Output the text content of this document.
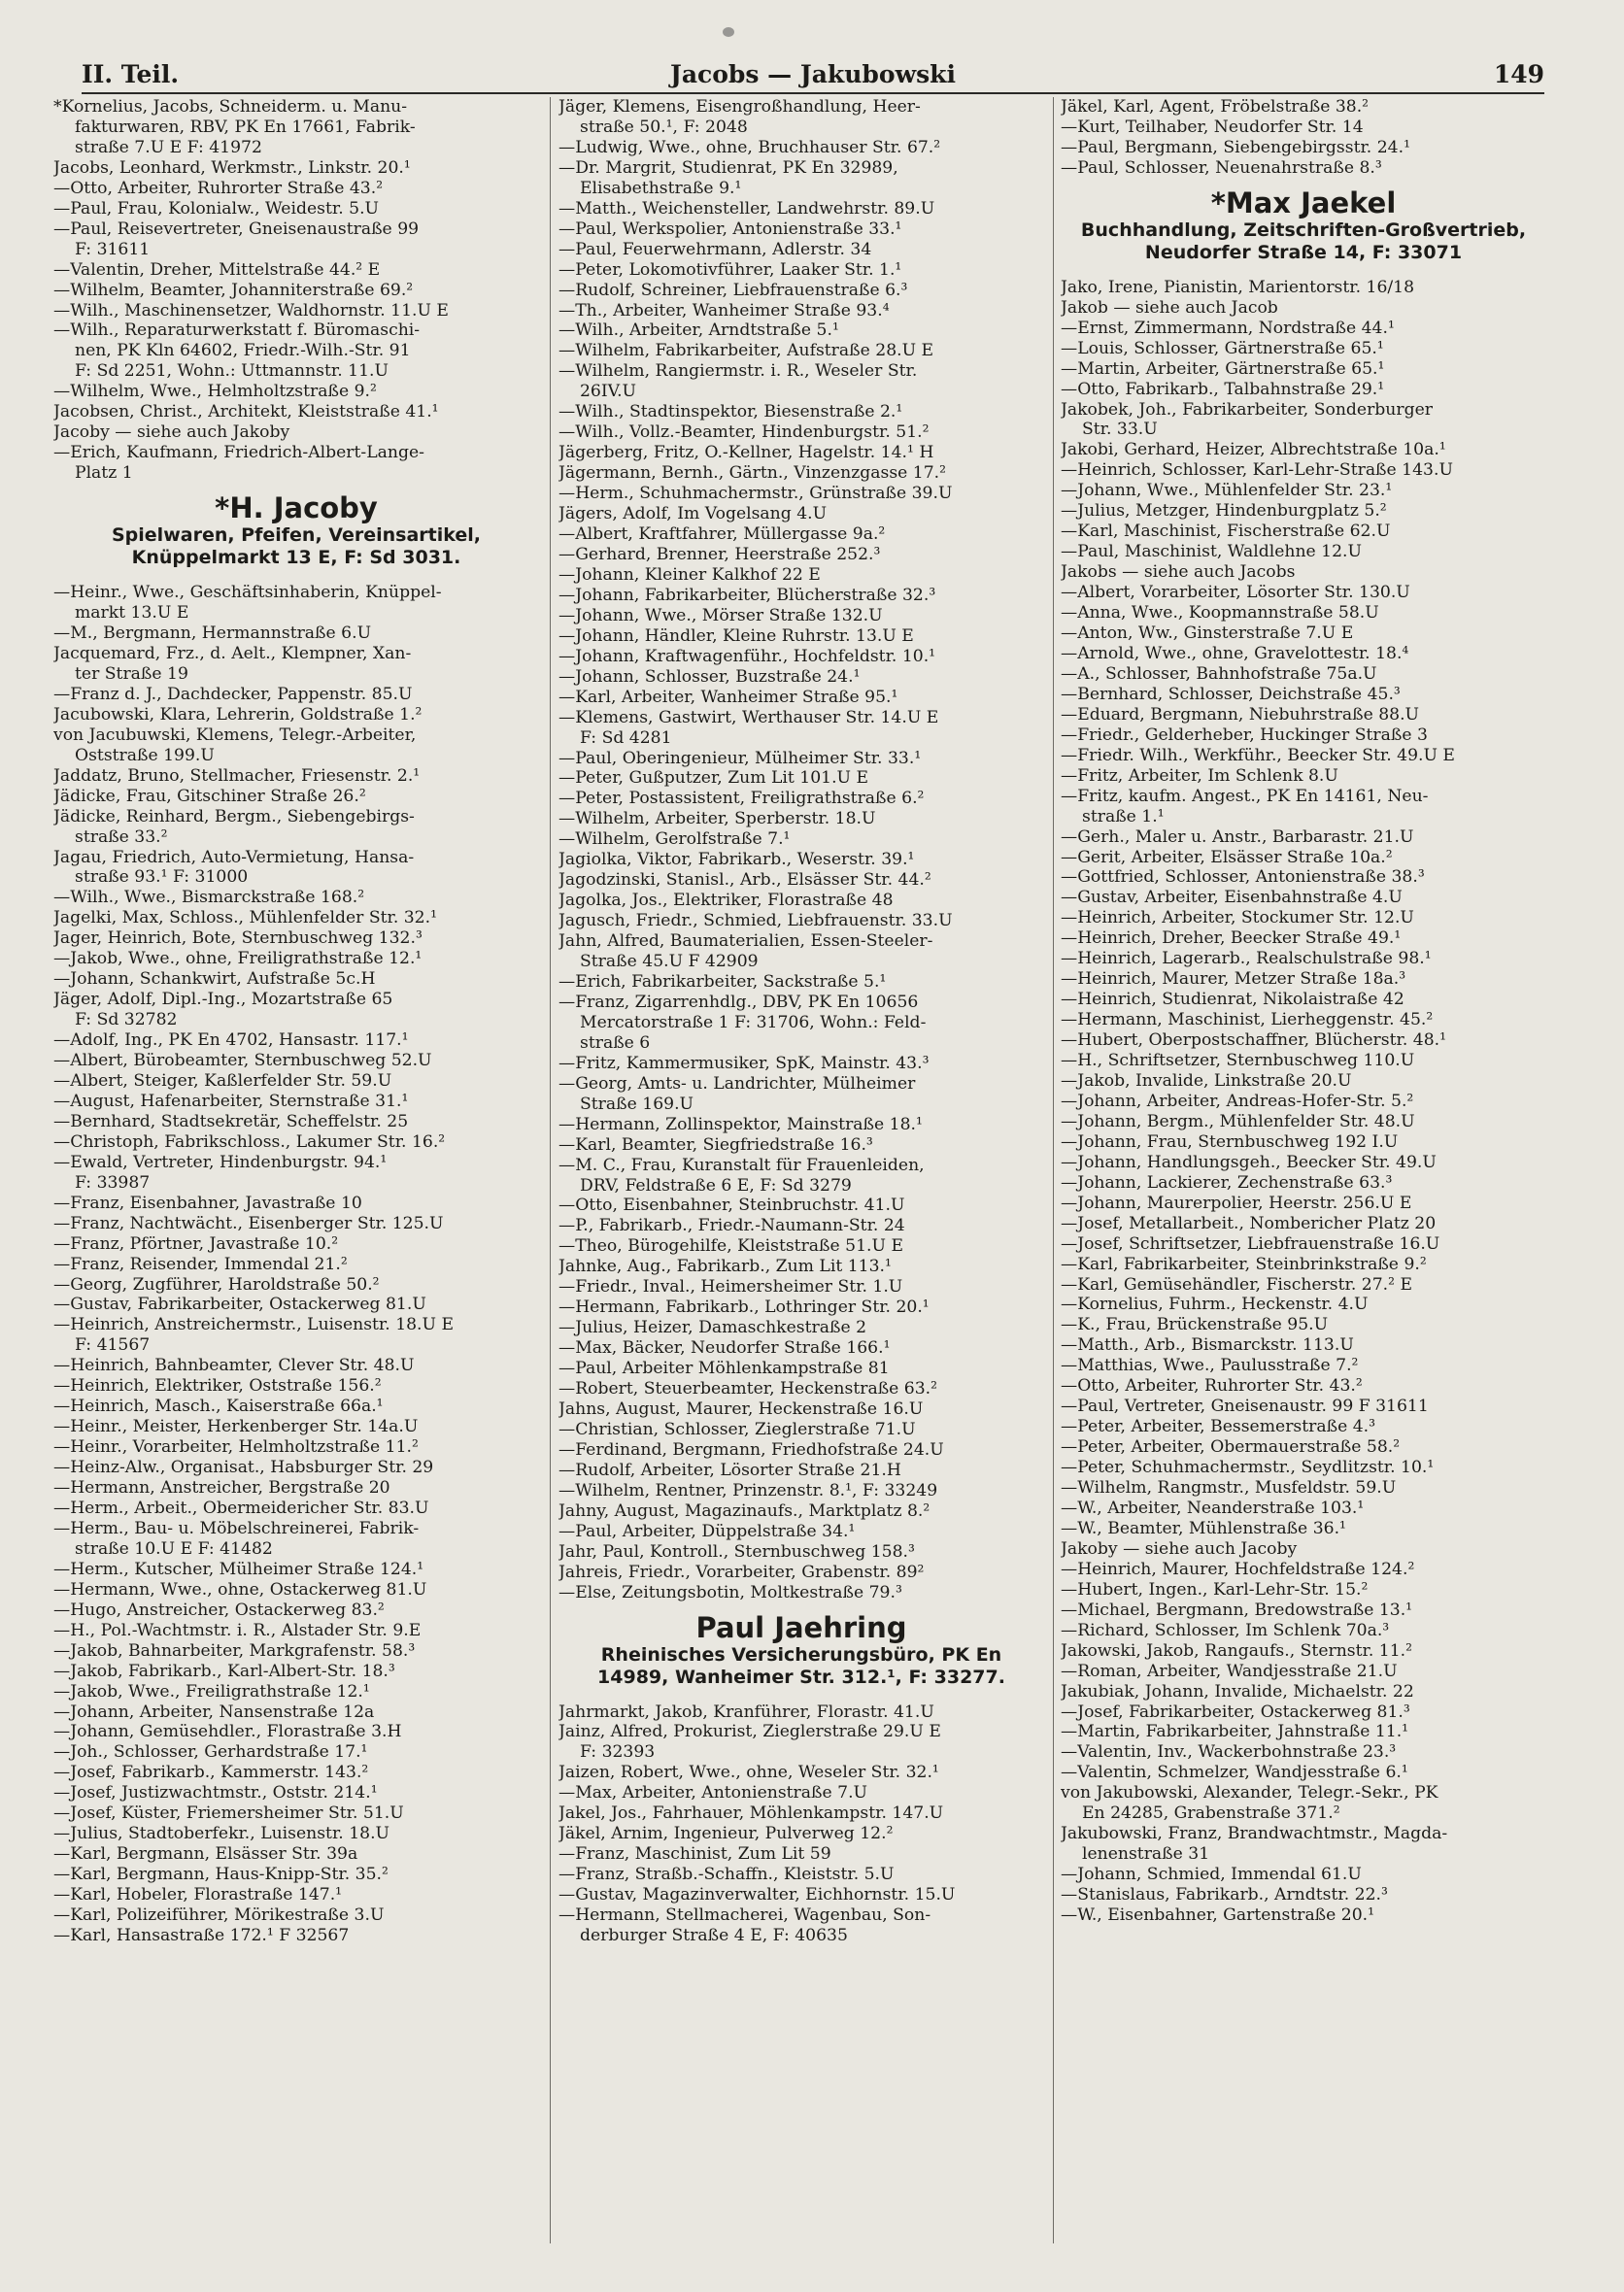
II. Teil.	Jacobs — Jakubowski	149
*Kornelius, Jacobs, Schneiderm. u. Manu-
fakturwaren, RBV, PK En 17661, Fabrik-
straße 7.U E F: 41972
Jacobs, Leonhard, Werkmstr., Linkstr. 20.¹
—Otto, Arbeiter, Ruhrorter Straße 43.²
—Paul, Frau, Kolonialw., Weidestr. 5.U
—Paul, Reisevertreter, Gneisenaustraße 99
F: 31611
—Valentin, Dreher, Mittelstraße 44.² E
—Wilhelm, Beamter, Johanniterstraße 69.²
—Wilh., Maschinensetzer, Waldhornstr. 11.U E
—Wilh., Reparaturwerkstatt f. Büromaschi-
nen, PK Kln 64602, Friedr.-Wilh.-Str. 91
F: Sd 2251, Wohn.: Uttmannstr. 11.U
—Wilhelm, Wwe., Helmholtzstraße 9.²
Jacobsen, Christ., Architekt, Kleiststraße 41.¹
Jacoby — siehe auch Jakoby
—Erich, Kaufmann, Friedrich-Albert-Lange-
Platz 1
*H. Jacoby
Spielwaren, Pfeifen, Vereinsartikel,
Knüppelmarkt 13 E, F: Sd 3031.
—Heinr., Wwe., Geschäftsinhaberin, Knüppel-
markt 13.U E
—M., Bergmann, Hermannstraße 6.U
Jacquemard, Frz., d. Aelt., Klempner, Xan-
ter Straße 19
—Franz d. J., Dachdecker, Pappenstr. 85.U
Jacubowski, Klara, Lehrerin, Goldstraße 1.²
von Jacubuwski, Klemens, Telegr.-Arbeiter,
Oststraße 199.U
Jaddatz, Bruno, Stellmacher, Friesenstr. 2.¹
Jädicke, Frau, Gitschiner Straße 26.²
Jädicke, Reinhard, Bergm., Siebengebirgs-
straße 33.²
Jagau, Friedrich, Auto-Vermietung, Hansa-
straße 93.¹ F: 31000
—Wilh., Wwe., Bismarckstraße 168.²
Jagelki, Max, Schloss., Mühlenfelder Str. 32.¹
Jager, Heinrich, Bote, Sternbuschweg 132.³
—Jakob, Wwe., ohne, Freiligrathstraße 12.¹
—Johann, Schankwirt, Aufstraße 5c.H
Jäger, Adolf, Dipl.-Ing., Mozartstraße 65
F: Sd 32782
—Adolf, Ing., PK En 4702, Hansastr. 117.¹
—Albert, Bürobeamter, Sternbuschweg 52.U
—Albert, Steiger, Kaßlerfelder Str. 59.U
—August, Hafenarbeiter, Sternstraße 31.¹
—Bernhard, Stadtsekretär, Scheffelstr. 25
—Christoph, Fabrikschloss., Lakumer Str. 16.²
—Ewald, Vertreter, Hindenburgstr. 94.¹
F: 33987
—Franz, Eisenbahner, Javastraße 10
—Franz, Nachtwächt., Eisenberger Str. 125.U
—Franz, Pförtner, Javastraße 10.²
—Franz, Reisender, Immendal 21.²
—Georg, Zugführer, Haroldstraße 50.²
—Gustav, Fabrikarbeiter, Ostackerweg 81.U
—Heinrich, Anstreichermstr., Luisenstr. 18.U E
F: 41567
—Heinrich, Bahnbeamter, Clever Str. 48.U
—Heinrich, Elektriker, Oststraße 156.²
—Heinrich, Masch., Kaiserstraße 66a.¹
—Heinr., Meister, Herkenberger Str. 14a.U
—Heinr., Vorarbeiter, Helmholtzstraße 11.²
—Heinz-Alw., Organisat., Habsburger Str. 29
—Hermann, Anstreicher, Bergstraße 20
—Herm., Arbeit., Obermeidericher Str. 83.U
—Herm., Bau- u. Möbelschreinerei, Fabrik-
straße 10.U E F: 41482
—Herm., Kutscher, Mülheimer Straße 124.¹
—Hermann, Wwe., ohne, Ostackerweg 81.U
—Hugo, Anstreicher, Ostackerweg 83.²
—H., Pol.-Wachtmstr. i. R., Alstader Str. 9.E
—Jakob, Bahnarbeiter, Markgrafenstr. 58.³
—Jakob, Fabrikarb., Karl-Albert-Str. 18.³
—Jakob, Wwe., Freiligrathstraße 12.¹
—Johann, Arbeiter, Nansenstraße 12a
—Johann, Gemüsehdler., Florastraße 3.H
—Joh., Schlosser, Gerhardstraße 17.¹
—Josef, Fabrikarb., Kammerstr. 143.²
—Josef, Justizwachtmstr., Oststr. 214.¹
—Josef, Küster, Friemersheimer Str. 51.U
—Julius, Stadtoberfekr., Luisenstr. 18.U
—Karl, Bergmann, Elsässer Str. 39a
—Karl, Bergmann, Haus-Knipp-Str. 35.²
—Karl, Hobeler, Florastraße 147.¹
—Karl, Polizeiführer, Mörikestraße 3.U
—Karl, Hansastraße 172.¹ F 32567
Jäger, Klemens, Eisengroßhandlung, Heer-
straße 50.¹, F: 2048
—Ludwig, Wwe., ohne, Bruchhauser Str. 67.²
—Dr. Margrit, Studienrat, PK En 32989,
Elisabethstraße 9.¹
—Matth., Weichensteller, Landwehrstr. 89.U
—Paul, Werkspolier, Antonienstraße 33.¹
—Paul, Feuerwehrmann, Adlerstr. 34
—Peter, Lokomotivführer, Laaker Str. 1.¹
—Rudolf, Schreiner, Liebfrauenstraße 6.³
—Th., Arbeiter, Wanheimer Straße 93.⁴
—Wilh., Arbeiter, Arndtstraße 5.¹
—Wilhelm, Fabrikarbeiter, Aufstraße 28.U E
—Wilhelm, Rangiermstr. i. R., Weseler Str.
26IV.U
—Wilh., Stadtinspektor, Biesenstraße 2.¹
—Wilh., Vollz.-Beamter, Hindenburgstr. 51.²
Jägerberg, Fritz, O.-Kellner, Hagelstr. 14.¹ H
Jägermann, Bernh., Gärtn., Vinzenzgasse 17.²
—Herm., Schuhmachermstr., Grünstraße 39.U
Jägers, Adolf, Im Vogelsang 4.U
—Albert, Kraftfahrer, Müllergasse 9a.²
—Gerhard, Brenner, Heerstraße 252.³
—Johann, Kleiner Kalkhof 22 E
—Johann, Fabrikarbeiter, Blücherstraße 32.³
—Johann, Wwe., Mörser Straße 132.U
—Johann, Händler, Kleine Ruhrstr. 13.U E
—Johann, Kraftwagenführ., Hochfeldstr. 10.¹
—Johann, Schlosser, Buzstraße 24.¹
—Karl, Arbeiter, Wanheimer Straße 95.¹
—Klemens, Gastwirt, Werthauser Str. 14.U E
F: Sd 4281
—Paul, Oberingenieur, Mülheimer Str. 33.¹
—Peter, Gußputzer, Zum Lit 101.U E
—Peter, Postassistent, Freiligrathstraße 6.²
—Wilhelm, Arbeiter, Sperberstr. 18.U
—Wilhelm, Gerolfstraße 7.¹
Jagiolka, Viktor, Fabrikarb., Weserstr. 39.¹
Jagodzinski, Stanisl., Arb., Elsässer Str. 44.²
Jagolka, Jos., Elektriker, Florastraße 48
Jagusch, Friedr., Schmied, Liebfrauenstr. 33.U
Jahn, Alfred, Baumaterialien, Essen-Steeler-
Straße 45.U F 42909
—Erich, Fabrikarbeiter, Sackstraße 5.¹
—Franz, Zigarrenhdlg., DBV, PK En 10656
Mercatorstraße 1 F: 31706, Wohn.: Feld-
straße 6
—Fritz, Kammermusiker, SpK, Mainstr. 43.³
—Georg, Amts- u. Landrichter, Mülheimer
Straße 169.U
—Hermann, Zollinspektor, Mainstraße 18.¹
—Karl, Beamter, Siegfriedstraße 16.³
—M. C., Frau, Kuranstalt für Frauenleiden,
DRV, Feldstraße 6 E, F: Sd 3279
—Otto, Eisenbahner, Steinbruchstr. 41.U
—P., Fabrikarb., Friedr.-Naumann-Str. 24
—Theo, Bürogehilfe, Kleiststraße 51.U E
Jahnke, Aug., Fabrikarb., Zum Lit 113.¹
—Friedr., Inval., Heimersheimer Str. 1.U
—Hermann, Fabrikarb., Lothringer Str. 20.¹
—Julius, Heizer, Damaschkestraße 2
—Max, Bäcker, Neudorfer Straße 166.¹
—Paul, Arbeiter Möhlenkampstraße 81
—Robert, Steuerbeamter, Heckenstraße 63.²
Jahns, August, Maurer, Heckenstraße 16.U
—Christian, Schlosser, Zieglerstraße 71.U
—Ferdinand, Bergmann, Friedhofstraße 24.U
—Rudolf, Arbeiter, Lösorter Straße 21.H
—Wilhelm, Rentner, Prinzenstr. 8.¹, F: 33249
Jahny, August, Magazinaufs., Marktplatz 8.²
—Paul, Arbeiter, Düppelstraße 34.¹
Jahr, Paul, Kontroll., Sternbuschweg 158.³
Jahreis, Friedr., Vorarbeiter, Grabenstr. 89²
—Else, Zeitungsbotin, Moltkestraße 79.³
Paul Jaehring
Rheinisches Versicherungsbüro, PK En
14989, Wanheimer Str. 312.¹, F: 33277.
Jahrmarkt, Jakob, Kranführer, Florastr. 41.U
Jainz, Alfred, Prokurist, Zieglerstraße 29.U E
F: 32393
Jaizen, Robert, Wwe., ohne, Weseler Str. 32.¹
—Max, Arbeiter, Antonienstraße 7.U
Jakel, Jos., Fahrhauer, Möhlenkampstr. 147.U
Jäkel, Arnim, Ingenieur, Pulverweg 12.²
—Franz, Maschinist, Zum Lit 59
—Franz, Straßb.-Schaffn., Kleiststr. 5.U
—Gustav, Magazinverwalter, Eichhornstr. 15.U
—Hermann, Stellmacherei, Wagenbau, Son-
derburger Straße 4 E, F: 40635
Jäkel, Karl, Agent, Fröbelstraße 38.²
—Kurt, Teilhaber, Neudorfer Str. 14
—Paul, Bergmann, Siebengebirgsstr. 24.¹
—Paul, Schlosser, Neuenahrstraße 8.³
*Max Jaekel
Buchhandlung, Zeitschriften-Großvertrieb,
Neudorfer Straße 14, F: 33071
Jako, Irene, Pianistin, Marientorstr. 16/18
Jakob — siehe auch Jacob
—Ernst, Zimmermann, Nordstraße 44.¹
—Louis, Schlosser, Gärtnerstraße 65.¹
—Martin, Arbeiter, Gärtnerstraße 65.¹
—Otto, Fabrikarb., Talbahnstraße 29.¹
Jakobek, Joh., Fabrikarbeiter, Sonderburger
Str. 33.U
Jakobi, Gerhard, Heizer, Albrechtstraße 10a.¹
—Heinrich, Schlosser, Karl-Lehr-Straße 143.U
—Johann, Wwe., Mühlenfelder Str. 23.¹
—Julius, Metzger, Hindenburgplatz 5.²
—Karl, Maschinist, Fischerstraße 62.U
—Paul, Maschinist, Waldlehne 12.U
Jakobs — siehe auch Jacobs
—Albert, Vorarbeiter, Lösorter Str. 130.U
—Anna, Wwe., Koopmannstraße 58.U
—Anton, Ww., Ginsterstraße 7.U E
—Arnold, Wwe., ohne, Gravelottestr. 18.⁴
—A., Schlosser, Bahnhofstraße 75a.U
—Bernhard, Schlosser, Deichstraße 45.³
—Eduard, Bergmann, Niebuhrstraße 88.U
—Friedr., Gelderheber, Huckinger Straße 3
—Friedr. Wilh., Werkführ., Beecker Str. 49.U E
—Fritz, Arbeiter, Im Schlenk 8.U
—Fritz, kaufm. Angest., PK En 14161, Neu-
straße 1.¹
—Gerh., Maler u. Anstr., Barbarastr. 21.U
—Gerit, Arbeiter, Elsässer Straße 10a.²
—Gottfried, Schlosser, Antonienstraße 38.³
—Gustav, Arbeiter, Eisenbahnstraße 4.U
—Heinrich, Arbeiter, Stockumer Str. 12.U
—Heinrich, Dreher, Beecker Straße 49.¹
—Heinrich, Lagerarb., Realschulstraße 98.¹
—Heinrich, Maurer, Metzer Straße 18a.³
—Heinrich, Studienrat, Nikolaistraße 42
—Hermann, Maschinist, Lierheggenstr. 45.²
—Hubert, Oberpostschaffner, Blücherstr. 48.¹
—H., Schriftsetzer, Sternbuschweg 110.U
—Jakob, Invalide, Linkstraße 20.U
—Johann, Arbeiter, Andreas-Hofer-Str. 5.²
—Johann, Bergm., Mühlenfelder Str. 48.U
—Johann, Frau, Sternbuschweg 192 I.U
—Johann, Handlungsgeh., Beecker Str. 49.U
—Johann, Lackierer, Zechenstraße 63.³
—Johann, Maurerpolier, Heerstr. 256.U E
—Josef, Metallarbeit., Nombericher Platz 20
—Josef, Schriftsetzer, Liebfrauenstraße 16.U
—Karl, Fabrikarbeiter, Steinbrinkstraße 9.²
—Karl, Gemüsehändler, Fischerstr. 27.² E
—Kornelius, Fuhrm., Heckenstr. 4.U
—K., Frau, Brückenstraße 95.U
—Matth., Arb., Bismarckstr. 113.U
—Matthias, Wwe., Paulusstraße 7.²
—Otto, Arbeiter, Ruhrorter Str. 43.²
—Paul, Vertreter, Gneisenaustr. 99 F 31611
—Peter, Arbeiter, Bessemerstraße 4.³
—Peter, Arbeiter, Obermauerstraße 58.²
—Peter, Schuhmachermstr., Seydlitzstr. 10.¹
—Wilhelm, Rangmstr., Musfeldstr. 59.U
—W., Arbeiter, Neanderstraße 103.¹
—W., Beamter, Mühlenstraße 36.¹
Jakoby — siehe auch Jacoby
—Heinrich, Maurer, Hochfeldstraße 124.²
—Hubert, Ingen., Karl-Lehr-Str. 15.²
—Michael, Bergmann, Bredowstraße 13.¹
—Richard, Schlosser, Im Schlenk 70a.³
Jakowski, Jakob, Rangaufs., Sternstr. 11.²
—Roman, Arbeiter, Wandjesstraße 21.U
Jakubiak, Johann, Invalide, Michaelstr. 22
—Josef, Fabrikarbeiter, Ostackerweg 81.³
—Martin, Fabrikarbeiter, Jahnstraße 11.¹
—Valentin, Inv., Wackerbohnstraße 23.³
—Valentin, Schmelzer, Wandjesstraße 6.¹
von Jakubowski, Alexander, Telegr.-Sekr., PK
En 24285, Grabenstraße 371.²
Jakubowski, Franz, Brandwachtmstr., Magda-
lenenstraße 31
—Johann, Schmied, Immendal 61.U
—Stanislaus, Fabrikarb., Arndtstr. 22.³
—W., Eisenbahner, Gartenstraße 20.¹
